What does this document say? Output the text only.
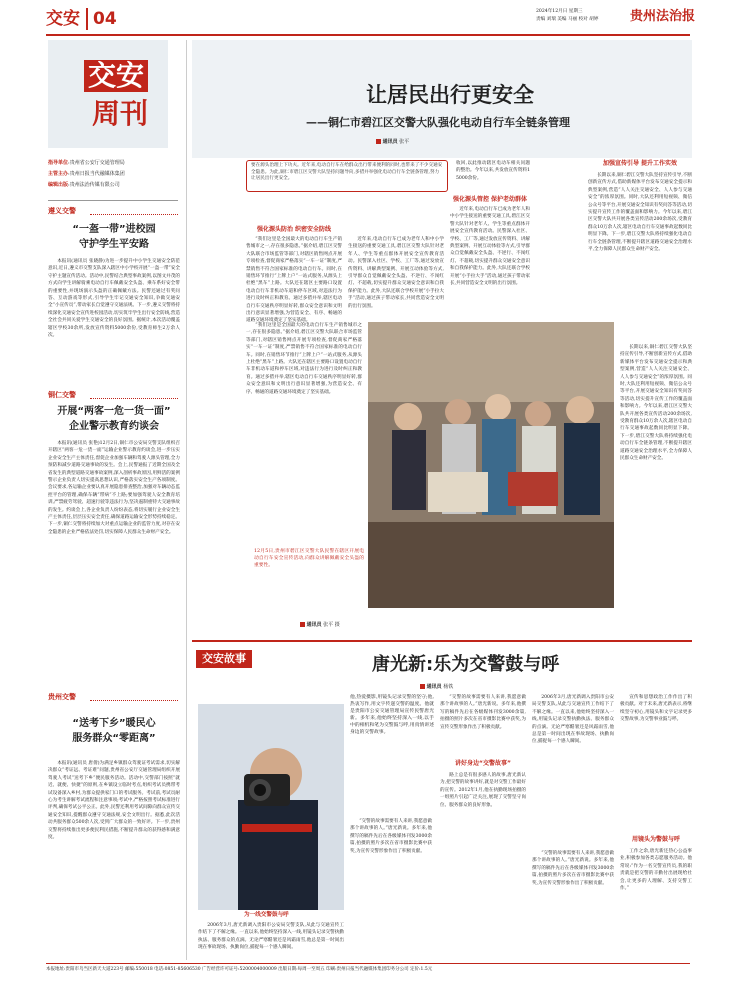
交安 04	2024年12月日 星期三
责编 刘瑞 美编 马丽 校对 胡婷 贵州法治报
交安
周刊
指导单位:贵州省公安厅交通管理局
主管主办:贵州日报当代融媒体集团
编辑出版:贵州法治传媒有限公司
遵义交警
“一盔一带”进校园
守护学生平安路

本报讯(通讯员 张晓静)为进一步提升中小学生交通安全防范意识,近日,遵义市交警支队深入辖区中小学校开展“一盔一带”安全守护主题宣传活动。活动中,民警结合典型事故案例,以图文并茂的方式向学生讲解骑乘电动自行车佩戴安全头盔、乘车系好安全带的重要性,并现场演示头盔的正确佩戴方法。民警还通过有奖问答、互动游戏等形式,引导学生牢记交通安全知识,争做交通安全“小宣传员”,带动家长自觉遵守交通法规。下一步,遵义交警将持续深化交通安全宣传进校园活动,切实筑牢学生出行安全防线,营造全社会共同关爱学生交通安全的良好氛围。据统计,本次活动覆盖辖区学校30余所,发放宣传资料5000余份,受教育师生2万余人次。

铜仁交警
开展“两客一危一货一面”
企业警示教育约谈会

本报讯(通讯员 张艳)12月2日,铜仁市公安局交警支队组织召开辖区“两客一危一货一面”运输企业警示教育约谈会,进一步压实企业安全生产主体责任,督促企业加强车辆和驾驶人源头管理,全力预防和减少道路交通事故的发生。会上,民警通报了近期全国及全省发生的典型道路交通事故案例,深入剖析事故原因,用鲜活的案例警示企业负责人切实提高思想认识,严格落实安全生产各项制度。会议要求,各运输企业要认真开展隐患排查整治,加强对车辆动态监控平台的管理,确保车辆“带病”不上路;要加强驾驶人安全教育培训,严禁疲劳驾驶、超速行驶等违法行为,坚决遏制重特大交通事故的发生。约谈会上,各企业负责人纷纷表态,将切实履行企业安全生产主体责任,层层压实安全责任,确保道路运输安全形势持续稳定。下一步,铜仁交警将持续加大对重点运输企业的监管力度,对存在安全隐患的企业严格依法处罚,切实保障人民群众生命财产安全。

贵州交警
“送考下乡”暖民心
服务群众“零距离”

本报讯(通讯员 唐倩)为满足乡镇群众驾驶证考试需求,切实解决群众“考证远、考证难”问题,贵州省公安厅交通管理局组织开展驾驶人考试“送考下乡”便民服务活动。活动中,交警部门按照“就近、就便、快捷”的原则,在乡镇设立临时考点,组织考试员携带考试设备深入乡村,为群众提供家门口的考试服务。考试前,考试员耐心为考生讲解考试流程和注意事项;考试中,严格按照考试标准进行评判,确保考试公平公正。此外,民警还利用考试间隙向群众宣传交通安全知识,提醒群众遵守交通法规,安全文明出行。据悉,此次活动共服务群众500余人次,受到广大群众的一致好评。下一步,贵州交警将持续推出更多便民利民措施,不断提升群众的获得感和满意度。

让居民出行更安全
——铜仁市碧江区交警大队强化电动自行车全链条管理
通讯员 张平
要在源头治理上下功夫。近年来,电动自行车在给群众出行带来便利的同时,也带来了不少交通安全隐患。为此,铜仁市碧江区交警大队坚持问题导向,多措并举强化电动自行车全链条管理,努力让居民出行更安全。
收回,以此推动辖区电动车相关问题的整治。今年以来,共发放宣传资料15000余份。
强化源头防治 织密安全防线

“我们这里是全国最大的电动自行车生产销售城市之一,存在很多隐患。”据介绍,碧江区交警大队联合市场监管等部门,对辖区销售网点开展专项检查,督促商家严格落实“一车一证”制度,严禁销售不符合国家标准的电动自行车。同时,在销售环节推行“上牌上户”一站式服务,从源头上杜绝“黑车”上路。大队还在辖区主要路口设置电动自行车非机动车道和停车区域,对违法行为进行及时纠正和教育。通过多措并举,辖区电动自行车交通秩序明显好转,群众安全意识和文明出行意识显著增强,为营造安全、有序、畅通的道路交通环境奠定了坚实基础。

近年来,电动自行车已成为老年人和中小学生接送的重要交通工具,碧江区交警大队针对老年人、学生等重点群体开展安全宣传教育活动。民警深入社区、学校、工厂等,通过发放宣传资料、讲解典型案例、开展互动体验等方式,引导群众自觉佩戴安全头盔、不逆行、不闯红灯、不超载,切实提升群众交通安全意识和自我保护能力。此外,大队还联合学校开展“小手拉大手”活动,通过孩子带动家长,共同营造安全文明的出行氛围。

强化源头管控 保护老幼群体

近年来,电动自行车已成为老年人和中小学生接送的重要交通工具,碧江区交警大队针对老年人、学生等重点群体开展安全宣传教育活动。民警深入社区、学校、工厂等,通过发放宣传资料、讲解典型案例、开展互动体验等方式,引导群众自觉佩戴安全头盔、不逆行、不闯红灯、不超载,切实提升群众交通安全意识和自我保护能力。此外,大队还联合学校开展“小手拉大手”活动,通过孩子带动家长,共同营造安全文明的出行氛围。

加强宣传引导 提升工作实效

长期以来,铜仁碧江交警大队坚持宣传引导,不断创新宣传方式,借助新媒体平台发布交通安全提示和典型案例,营造“人人关注交通安全、人人参与交通安全”的浓厚氛围。同时,大队还利用短视频、微信公众号等平台,开展交通安全知识有奖问答等活动,切实提升宣传工作的覆盖面和影响力。今年以来,碧江区交警大队共开展各类宣传活动200余场次,受教育群众10万余人次,辖区电动自行车交通事故起数同比明显下降。下一步,碧江交警大队将持续强化电动自行车全链条管理,不断提升辖区道路交通安全治理水平,全力保障人民群众生命财产安全。

12月5日,贵州市碧江区交警大队民警在辖区开展电动自行车安全宣传活动,向群众讲解佩戴安全头盔的重要性。
通讯员 张平 摄

“我们这里是全国最大的电动自行车生产销售城市之一,存在很多隐患。”据介绍,碧江区交警大队联合市场监管等部门,对辖区销售网点开展专项检查,督促商家严格落实“一车一证”制度,严禁销售不符合国家标准的电动自行车。同时,在销售环节推行“上牌上户”一站式服务,从源头上杜绝“黑车”上路。大队还在辖区主要路口设置电动自行车非机动车道和停车区域,对违法行为进行及时纠正和教育。通过多措并举,辖区电动自行车交通秩序明显好转,群众安全意识和文明出行意识显著增强,为营造安全、有序、畅通的道路交通环境奠定了坚实基础。

长期以来,铜仁碧江交警大队坚持宣传引导,不断创新宣传方式,借助新媒体平台发布交通安全提示和典型案例,营造“人人关注交通安全、人人参与交通安全”的浓厚氛围。同时,大队还利用短视频、微信公众号等平台,开展交通安全知识有奖问答等活动,切实提升宣传工作的覆盖面和影响力。今年以来,碧江区交警大队共开展各类宣传活动200余场次,受教育群众10万余人次,辖区电动自行车交通事故起数同比明显下降。下一步,碧江交警大队将持续强化电动自行车全链条管理,不断提升辖区道路交通安全治理水平,全力保障人民群众生命财产安全。

交安故事	唐光新:乐为交警鼓与呼
通讯员 杨铁
他,热爱摄影,用镜头记录交警的坚守;他,热衷写作,用文字传递交警的温度。他就是贵阳市公安交通管理局宣传民警唐光新。多年来,他始终坚持深入一线,以手中的相机和笔为交警鼓与呼,用真情讲述身边的交警故事。
为一线交警鼓与呼

2006年3月,唐光新调入贵阳市公安局交警支队,从此与交通宣传工作结下了不解之缘。一直以来,他始终坚持深入一线,用镜头记录交警执勤执法、服务群众的点滴。无论严寒酷暑还是风霜雨雪,他总是第一时间出现在事故现场、执勤岗位,捕捉每一个感人瞬间。

“交警的故事需要有人来讲,我愿意做那个讲故事的人。”唐光新说。多年来,他撰写的稿件先后在各级媒体刊发3000余篇,拍摄的照片多次在省市摄影比赛中获奖,为宣传交警形象作出了积极贡献。

“交警的故事需要有人来讲,我愿意做那个讲故事的人。”唐光新说。多年来,他撰写的稿件先后在各级媒体刊发3000余篇,拍摄的照片多次在省市摄影比赛中获奖,为宣传交警形象作出了积极贡献。

讲好身边“交警故事”

路上总是有很多感人的故事,唐光新认为,把交警的故事讲好,就是对交警工作最好的宣传。2012年1月,他在执勤现场拍摄的一组照片引起广泛关注,展现了交警坚守岗位、服务群众的良好形象。

2006年3月,唐光新调入贵阳市公安局交警支队,从此与交通宣传工作结下了不解之缘。一直以来,他始终坚持深入一线,用镜头记录交警执勤执法、服务群众的点滴。无论严寒酷暑还是风霜雨雪,他总是第一时间出现在事故现场、执勤岗位,捕捉每一个感人瞬间。

宣传和思想政治工作作出了积极贡献。对于未来,唐光新表示,将继续坚守初心,用镜头和文字记录更多交警故事,为交警事业鼓与呼。

用镜头为警鼓与呼

工作之余,唐光新还热心公益事业,积极参加各类志愿服务活动。他常说:“作为一名交警宣传员,我的职责就是把交警的辛勤付出展现给社会,让更多的人理解、支持交警工作。”

“交警的故事需要有人来讲,我愿意做那个讲故事的人。”唐光新说。多年来,他撰写的稿件先后在各级媒体刊发3000余篇,拍摄的照片多次在省市摄影比赛中获奖,为宣传交警形象作出了积极贡献。

本报地址:贵阳市乌当区新天大道223号 邮编:550018 电话:0851-85606530 广告经营许可证号:5200004000009 出版日期:每周一至周五 印刷:贵州日报当代融媒体集团印务分公司 定价:1.5元
